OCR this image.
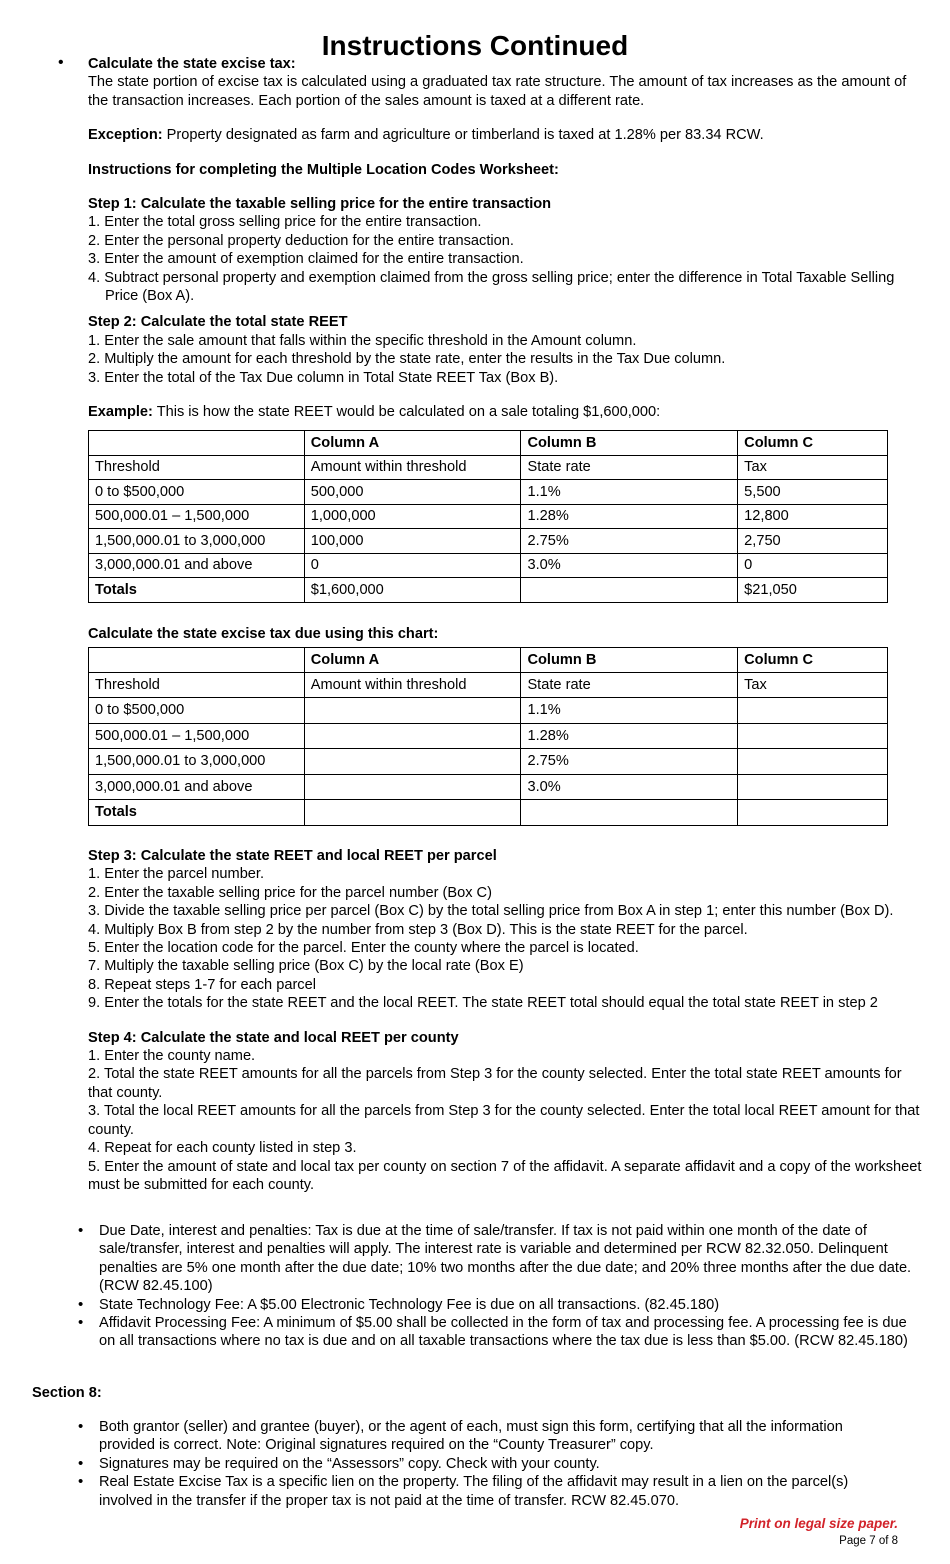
Instructions Continued
• Calculate the state excise tax:

The state portion of excise tax is calculated using a graduated tax rate structure. The amount of tax increases as the amount of the transaction increases. Each portion of the sales amount is taxed at a different rate.

Exception: Property designated as farm and agriculture or timberland is taxed at 1.28% per 83.34 RCW.

Instructions for completing the Multiple Location Codes Worksheet:

Step 1: Calculate the taxable selling price for the entire transaction

1. Enter the total gross selling price for the entire transaction.

2. Enter the personal property deduction for the entire transaction.

3. Enter the amount of exemption claimed for the entire transaction.

4. Subtract personal property and exemption claimed from the gross selling price; enter the difference in Total Taxable Selling Price (Box A).

Step 2: Calculate the total state REET

1. Enter the sale amount that falls within the specific threshold in the Amount column.

2. Multiply the amount for each threshold by the state rate, enter the results in the Tax Due column.

3. Enter the total of the Tax Due column in Total State REET Tax (Box B).

Example: This is how the state REET would be calculated on a sale totaling $1,600,000:

	Column A	Column B	Column C
Threshold	Amount within threshold	State rate	Tax
0 to $500,000	500,000	1.1%	5,500
500,000.01 – 1,500,000	1,000,000	1.28%	12,800
1,500,000.01 to 3,000,000	100,000	2.75%	2,750
3,000,000.01 and above	0	3.0%	0
Totals	$1,600,000		$21,050

Calculate the state excise tax due using this chart:

	Column A	Column B	Column C
Threshold	Amount within threshold	State rate	Tax
0 to $500,000		1.1%	
500,000.01 – 1,500,000		1.28%	
1,500,000.01 to 3,000,000		2.75%	
3,000,000.01 and above		3.0%	
Totals			

Step 3: Calculate the state REET and local REET per parcel

1. Enter the parcel number.

2. Enter the taxable selling price for the parcel number (Box C)

3. Divide the taxable selling price per parcel (Box C) by the total selling price from Box A in step 1; enter this number (Box D).

4. Multiply Box B from step 2 by the number from step 3 (Box D). This is the state REET for the parcel.

5. Enter the location code for the parcel. Enter the county where the parcel is located.

7. Multiply the taxable selling price (Box C) by the local rate (Box E)

8. Repeat steps 1-7 for each parcel

9. Enter the totals for the state REET and the local REET. The state REET total should equal the total state REET in step 2

Step 4: Calculate the state and local REET per county

1. Enter the county name.

2. Total the state REET amounts for all the parcels from Step 3 for the county selected. Enter the total state REET amounts for that county.

3. Total the local REET amounts for all the parcels from Step 3 for the county selected. Enter the total local REET amount for that county.

4. Repeat for each county listed in step 3.

5. Enter the amount of state and local tax per county on section 7 of the affidavit. A separate affidavit and a copy of the worksheet must be submitted for each county.

• Due Date, interest and penalties: Tax is due at the time of sale/transfer. If tax is not paid within one month of the date of sale/transfer, interest and penalties will apply. The interest rate is variable and determined per RCW 82.32.050. Delinquent penalties are 5% one month after the due date; 10% two months after the due date; and 20% three months after the due date. (RCW 82.45.100)
• State Technology Fee: A $5.00 Electronic Technology Fee is due on all transactions. (82.45.180)
• Affidavit Processing Fee: A minimum of $5.00 shall be collected in the form of tax and processing fee. A processing fee is due on all transactions where no tax is due and on all taxable transactions where the tax due is less than $5.00. (RCW 82.45.180)

Section 8:

• Both grantor (seller) and grantee (buyer), or the agent of each, must sign this form, certifying that all the information provided is correct. Note: Original signatures required on the “County Treasurer” copy.
• Signatures may be required on the “Assessors” copy. Check with your county.
• Real Estate Excise Tax is a specific lien on the property. The filing of the affidavit may result in a lien on the parcel(s) involved in the transfer if the proper tax is not paid at the time of transfer. RCW 82.45.070.
Print on legal size paper.
Page 7 of 8
